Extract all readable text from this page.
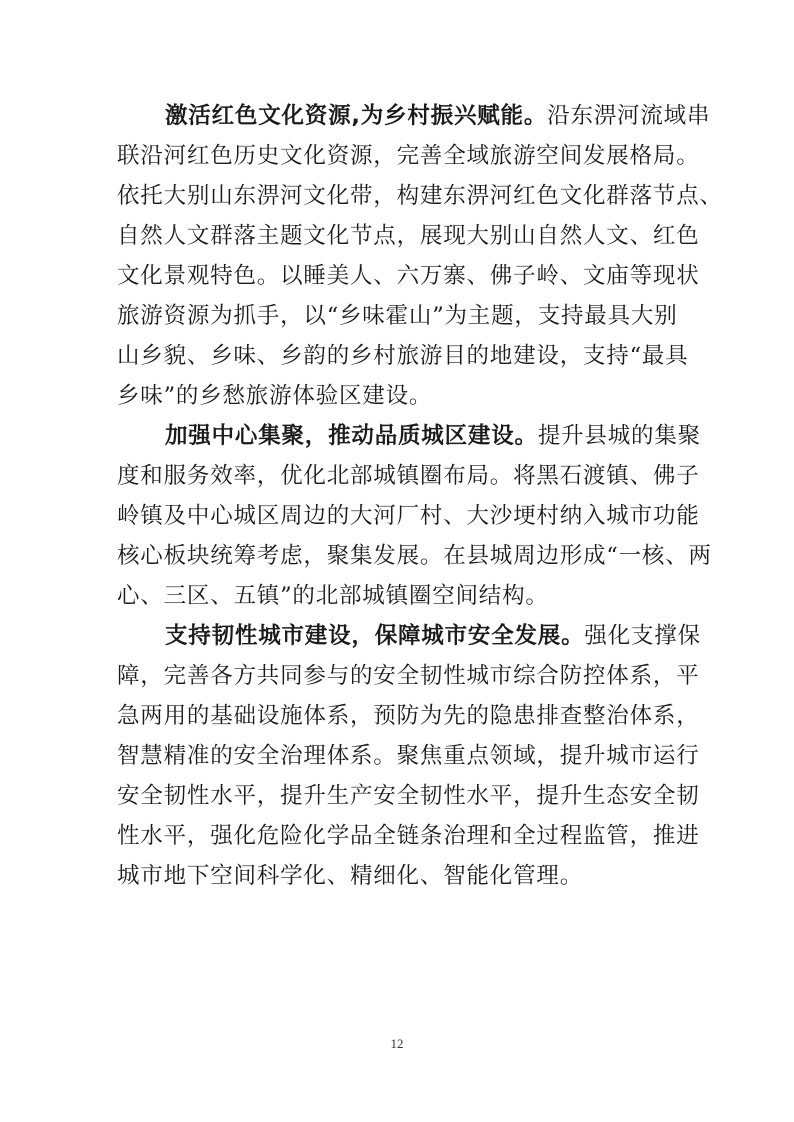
激活红色文化资源,为乡村振兴赋能。沿东淠河流域串
联沿河红色历史文化资源，完善全域旅游空间发展格局。
依托大别山东淠河文化带，构建东淠河红色文化群落节点、
自然人文群落主题文化节点，展现大别山自然人文、红色
文化景观特色。以睡美人、六万寨、佛子岭、文庙等现状
旅游资源为抓手，以“乡味霍山”为主题，支持最具大别
山乡貌、乡味、乡韵的乡村旅游目的地建设，支持“最具
乡味”的乡愁旅游体验区建设。
加强中心集聚，推动品质城区建设。提升县城的集聚
度和服务效率，优化北部城镇圈布局。将黑石渡镇、佛子
岭镇及中心城区周边的大河厂村、大沙埂村纳入城市功能
核心板块统筹考虑，聚集发展。在县城周边形成“一核、两
心、三区、五镇”的北部城镇圈空间结构。
支持韧性城市建设，保障城市安全发展。强化支撑保
障，完善各方共同参与的安全韧性城市综合防控体系，平
急两用的基础设施体系，预防为先的隐患排查整治体系，
智慧精准的安全治理体系。聚焦重点领域，提升城市运行
安全韧性水平，提升生产安全韧性水平，提升生态安全韧
性水平，强化危险化学品全链条治理和全过程监管，推进
城市地下空间科学化、精细化、智能化管理。
12
